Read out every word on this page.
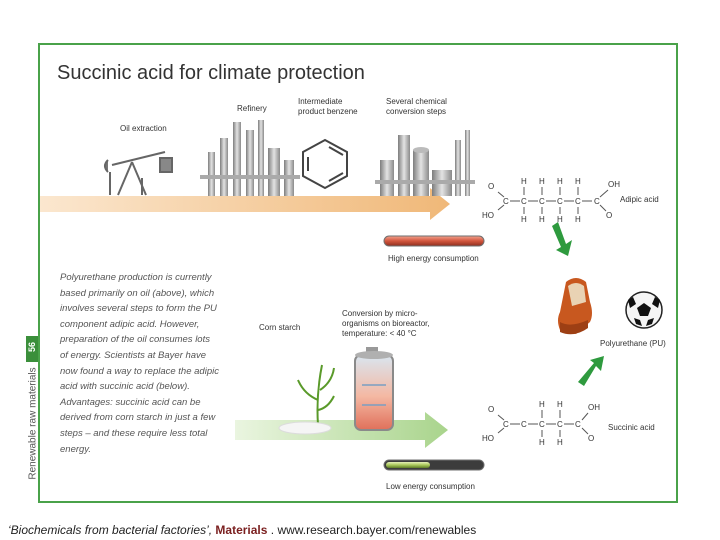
56
Renewable raw materials
Succinic acid for climate protection
Oil extraction
Refinery
Intermediate product benzene
Several chemical conversion steps
Adipic acid
High energy consumption
Corn starch
Conversion by micro-organisms on bioreactor, temperature: < 40 °C
Polyurethane (PU)
Succinic acid
Low energy consumption
O
HO
C C C C C C
H H H H
H H H H
OH
O
O
HO
C C C C C
H H
H H
OH
O
Polyurethane production is currently based primarily on oil (above), which involves several steps to form the PU component adipic acid. However, preparation of the oil consumes lots of energy. Scientists at Bayer have now found a way to replace the adipic acid with succinic acid (below). Advantages: succinic acid can be derived from corn starch in just a few steps – and these require less total energy.
‘Biochemicals from bacterial factories’, Materials . www.research.bayer.com/renewables
